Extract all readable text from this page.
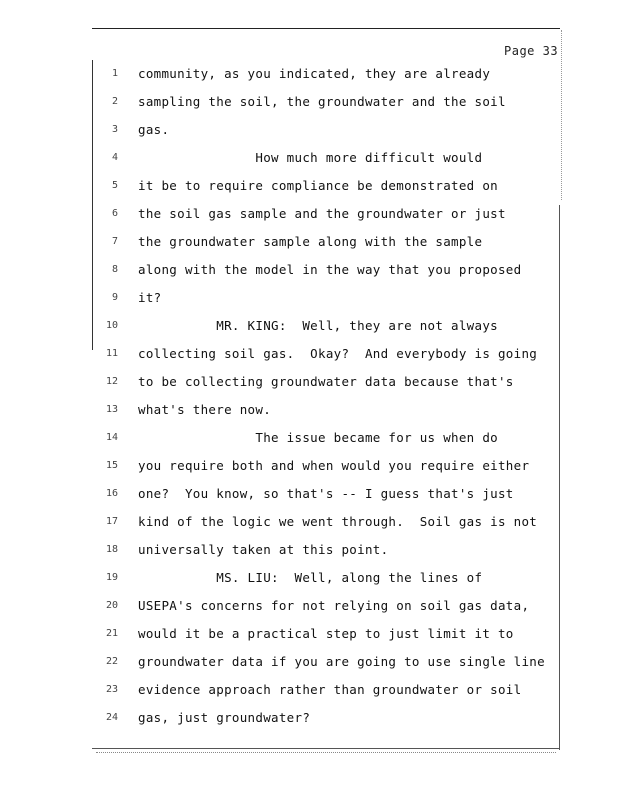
Page 33
1 community, as you indicated, they are already
2 sampling the soil, the groundwater and the soil
3 gas.
4 How much more difficult would
5 it be to require compliance be demonstrated on
6 the soil gas sample and the groundwater or just
7 the groundwater sample along with the sample
8 along with the model in the way that you proposed
9 it?
10 MR. KING:  Well, they are not always
11 collecting soil gas.  Okay?  And everybody is going
12 to be collecting groundwater data because that's
13 what's there now.
14 The issue became for us when do
15 you require both and when would you require either
16 one?  You know, so that's -- I guess that's just
17 kind of the logic we went through.  Soil gas is not
18 universally taken at this point.
19 MS. LIU:  Well, along the lines of
20 USEPA's concerns for not relying on soil gas data,
21 would it be a practical step to just limit it to
22 groundwater data if you are going to use single line
23 evidence approach rather than groundwater or soil
24 gas, just groundwater?
